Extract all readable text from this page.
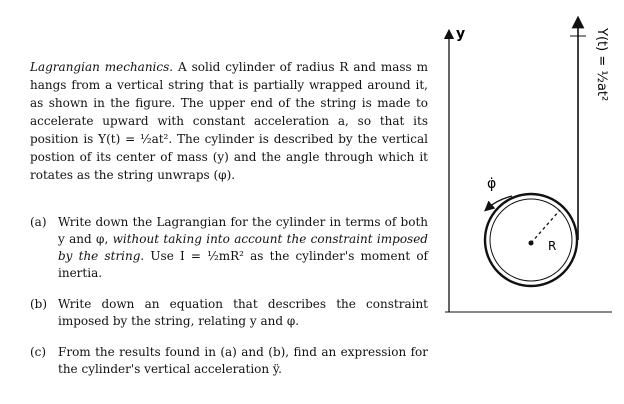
Lagrangian mechanics. A solid cylinder of radius R and mass m hangs from a vertical string that is partially wrapped around it, as shown in the figure. The upper end of the string is made to accelerate upward with constant acceleration a, so that its position is Y(t) = ½at². The cylinder is described by the vertical postion of its center of mass (y) and the angle through which it rotates as the string unwraps (φ).
(a) Write down the Lagrangian for the cylinder in terms of both y and φ, without taking into account the constraint imposed by the string. Use I = ½mR² as the cylinder's moment of inertia.
(b) Write down an equation that describes the constraint imposed by the string, relating y and φ.
(c) From the results found in (a) and (b), find an expression for the cylinder's vertical acceleration ÿ.
y	Y(t) = ½at²
R
φ̇
